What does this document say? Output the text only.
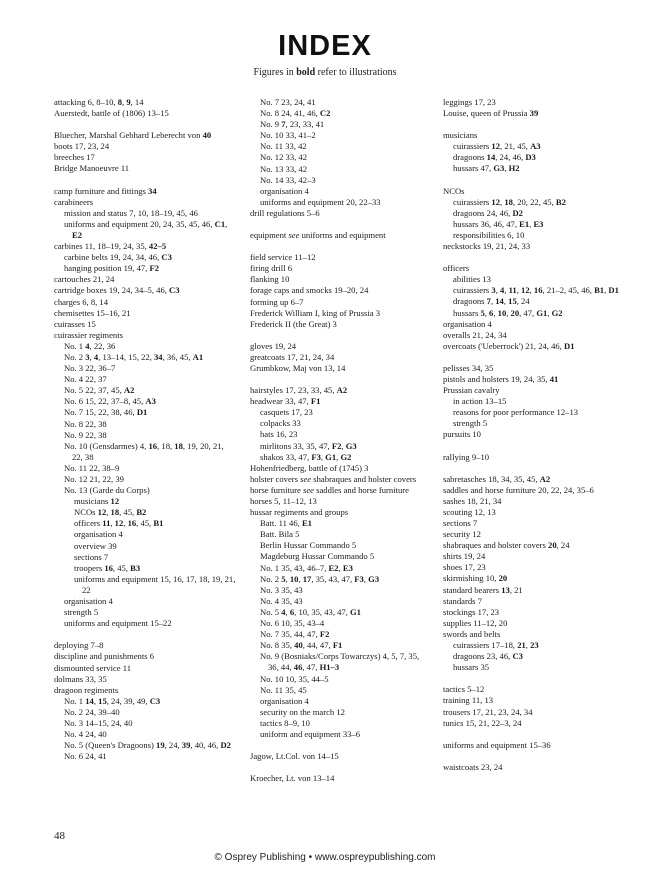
INDEX
Figures in bold refer to illustrations
attacking 6, 8–10, 8, 9, 14
Auerstedt, battle of (1806) 13–15
Bluecher, Marshal Gebhard Leberecht von 40
boots 17, 23, 24
breeches 17
Bridge Manoeuvre 11
camp furniture and fittings 34
carabineers
mission and status 7, 10, 18–19, 45, 46
uniforms and equipment 20, 24, 35, 45, 46, C1, E2
carbines 11, 18–19, 24, 35, 42–5
carbine belts 19, 24, 34, 46, C3
hanging position 19, 47, F2
cartouches 21, 24
cartridge boxes 19, 24, 34–5, 46, C3
charges 6, 8, 14
chemisettes 15–16, 21
cuirasses 15
cuirassier regiments
No. 1 4, 22, 36
No. 2 3, 4, 13–14, 15, 22, 34, 36, 45, A1
No. 3 22, 36–7
No. 4 22, 37
No. 5 22, 37, 45, A2
No. 6 15, 22, 37–8, 45, A3
No. 7 15, 22, 38, 46, D1
No. 8 22, 38
No. 9 22, 38
No. 10 (Gensdarmes) 4, 16, 18, 18, 19, 20, 21, 22, 38
No. 11 22, 38–9
No. 12 21, 22, 39
No. 13 (Garde du Corps)
musicians 12
NCOs 12, 18, 45, B2
officers 11, 12, 16, 45, B1
organisation 4
overview 39
sections 7
troopers 16, 45, B3
uniforms and equipment 15, 16, 17, 18, 19, 21, 22
organisation 4
strength 5
uniforms and equipment 15–22
deploying 7–8
discipline and punishments 6
dismounted service 11
dolmans 33, 35
dragoon regiments
No. 1 14, 15, 24, 39, 49, C3
No. 2 24, 39–40
No. 3 14–15, 24, 40
No. 4 24, 40
No. 5 (Queen's Dragoons) 19, 24, 39, 40, 46, D2
No. 6 24, 41
No. 7 23, 24, 41
No. 8 24, 41, 46, C2
No. 9 7, 23, 33, 41
No. 10 33, 41–2
No. 11 33, 42
No. 12 33, 42
No. 13 33, 42
No. 14 33, 42–3
organisation 4
uniforms and equipment 20, 22–33
drill regulations 5–6
equipment see uniforms and equipment
field service 11–12
firing drill 6
flanking 10
forage caps and smocks 19–20, 24
forming up 6–7
Frederick William I, king of Prussia 3
Frederick II (the Great) 3
gloves 19, 24
greatcoats 17, 21, 24, 34
Grumbkow, Maj von 13, 14
hairstyles 17, 23, 33, 45, A2
headwear 33, 47, F1
casquets 17, 23
colpacks 33
hats 16, 23
mirlitons 33, 35, 47, F2, G3
shakos 33, 47, F3, G1, G2
Hohenfriedberg, battle of (1745) 3
holster covers see shabraques and holster covers
horse furniture see saddles and horse furniture
horses 5, 11–12, 13
hussar regiments and groups
Batt. 11 46, E1
Batt. Bila 5
Berlin Hussar Commando 5
Magdeburg Hussar Commando 5
No. 1 35, 43, 46–7, E2, E3
No. 2 5, 10, 17, 35, 43, 47, F3, G3
No. 3 35, 43
No. 4 35, 43
No. 5 4, 6, 10, 35, 43, 47, G1
No. 6 10, 35, 43–4
No. 7 35, 44, 47, F2
No. 8 35, 40, 44, 47, F1
No. 9 (Bosniaks/Corps Towarczys) 4, 5, 7, 35, 36, 44, 46, 47, H1–3
No. 10 10, 35, 44–5
No. 11 35, 45
organisation 4
security on the march 12
tactics 8–9, 10
uniform and equipment 33–6
Jagow, Lt.Col. von 14–15
Kroecher, Lt. von 13–14
leggings 17, 23
Louise, queen of Prussia 39
musicians
cuirassiers 12, 21, 45, A3
dragoons 14, 24, 46, D3
hussars 47, G3, H2
NCOs
cuirassiers 12, 18, 20, 22, 45, B2
dragoons 24, 46, D2
hussars 36, 46, 47, E1, E3
responsibilities 6, 10
neckstocks 19, 21, 24, 33
officers
abilities 13
cuirassiers 3, 4, 11, 12, 16, 21–2, 45, 46, B1, D1
dragoons 7, 14, 15, 24
hussars 5, 6, 10, 20, 47, G1, G2
organisation 4
overalls 21, 24, 34
overcoats ('Ueberrock') 21, 24, 46, D1
pelisses 34, 35
pistols and holsters 19, 24, 35, 41
Prussian cavalry
in action 13–15
reasons for poor performance 12–13
strength 5
pursuits 10
rallying 9–10
sabretasches 18, 34, 35, 45, A2
saddles and horse furniture 20, 22, 24, 35–6
sashes 18, 21, 34
scouting 12, 13
sections 7
security 12
shabraques and holster covers 20, 24
shirts 19, 24
shoes 17, 23
skirmishing 10, 20
standard bearers 13, 21
standards 7
stockings 17, 23
supplies 11–12, 20
swords and belts
cuirassiers 17–18, 21, 23
dragoons 23, 46, C3
hussars 35
tactics 5–12
training 11, 13
trousers 17, 21, 23, 24, 34
tunics 15, 21, 22–3, 24
uniforms and equipment 15–36
waistcoats 23, 24
48
© Osprey Publishing • www.ospreypublishing.com
